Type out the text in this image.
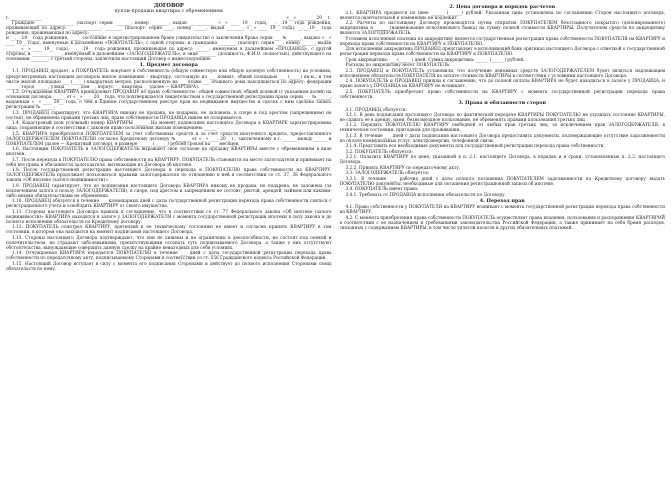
ДОГОВОР
купли-продажи квартиры с обременением
г. ______________	«__» ________ 20__ г.

Граждане _________________ (паспорт серии _______, номер ________, выдан ____________ «__» ____ 19__ года), __.__.19__ года рождения, проживающий по адресу: _______________, ________ (паспорт: серия ____, номер ______, выдан ________ «__» ____ 19__ года), __.__.19__ года рождения, проживающая по адресу: ______

и __.__.19__ года рождения, _____ состоящие в зарегистрированном браке (свидетельство о заключении брака серия ___ № ______, выдано «__» ____ 19__ года), именуемые в дальнейшем «ПОКУПАТЕЛЬ», с одной стороны, и гражданка ________ (паспорт: серия ___, номер ______, выдан ______ «__» ____ 19__ года), __.__.19__ года рождения, проживающая по адресу: ______, именуемая в дальнейшем «ПРОДАВЕЦ», с другой стороны, и ______________, именуемый в дальнейшем «ЗАЛОГОДЕРЖАТЕЛЬ», в лице ________ (должность, Ф.И.О. полностью), действующего на основании ________, с третьей стороны, заключили настоящий Договор о нижеследующем:

1. Предмет договора

1.1. ПРОДАВЕЦ продает, а ПОКУПАТЕЛЬ покупает в собственность (общую совместную или общую долевую собственность) на условиях, предусмотренных настоящим договором жилое помещение - квартиру, состоящую из ___ комнат, общей площадью ___ (_____) кв.м., в том числе жилой площадью ___ (_____) квадратных метров, расположенную на ___ этаже ___ этажного дома находящегося по адресу: федерации ______, город ______, улица ______, дом __, корпус __, квартира __ (далее — КВАРТИРА).

1.2. Отчуждаемая КВАРТИРА принадлежит ПРОДАВЦУ по праву собственности - общей совместной, общей долевой (с указанием долей) на основании договора ______ от «__» ____ 20__ года, что подтверждается свидетельством о государственной регистрации права серии ___ № ______, выданным «__» ____ 20__ года, о чем в Едином государственном реестре прав на недвижимое имущество и сделок с ним сделана запись регистрации № ______.

1.3. ПРОДАВЕЦ гарантирует, что КВАРТИРА никому не продана, не подарена, не заложена, в споре и под арестом (запрещением) не состоит, не обременена правами третьих лиц, право собственности ПРОДАВЦА никем не оспаривается.

1.4. Кадастровый (или условный) номер КВАРТИРЫ ______. На момент подписания настоящего Договора в КВАРТИРЕ зарегистрированы лица, сохраняющие в соответствии с законом право пользования жилым помещением: ______.

1.5. КВАРТИРА приобретается ПОКУПАТЕЛЕМ за счет собственных средств и за счет средств ипотечного кредита, предоставленного ЗАЛОГОДЕРЖАТЕЛЕМ ПОКУПАТЕЛЮ согласно Кредитному договору № ______ от «__» ____ 20__ г., заключенному в г. ______ между ______ и ПОКУПАТЕЛЕМ (далее — Кредитный договор), в размере ______ (______) рублей сроком на ___ месяцев.

1.6. Настоящим ПОКУПАТЕЛЬ и ЗАЛОГОДЕРЖАТЕЛЬ выражают свое согласие на продажу КВАРТИРЫ вместе с обременением в виде ипотеки.

1.7. После перехода к ПОКУПАТЕЛЮ права собственности на КВАРТИРУ, ПОКУПАТЕЛЬ становится на место залогодателя и принимает на себя все права и обязанности залогодателя, вытекающие из Договора об ипотеке.

1.8. После государственной регистрации настоящего Договора и перехода к ПОКУПАТЕЛЮ права собственности на КВАРТИРУ, ЗАЛОГОДЕРЖАТЕЛЬ продолжает пользоваться правами залогодержателя по отношению к ней в соответствии со ст. 37, 38 Федерального закона «Об ипотеке (залоге недвижимости)».

1.9. ПРОДАВЕЦ гарантирует, что до подписания настоящего Договора КВАРТИРА никому не продана, не подарена, не заложена (за исключением залога в пользу ЗАЛОГОДЕРЖАТЕЛЯ), в споре, под арестом и запрещением не состоит, рентой, арендой, наймом или какими-либо иными обязательствами не обременена.

1.10. ПРОДАВЕЦ обязуется в течение ___ календарных дней с даты государственной регистрации перехода права собственности сняться с регистрационного учета и освободить КВАРТИРУ от своего имущества.

1.11. Стороны настоящего Договора пришли к соглашению, что в соответствии со ст. 77 Федерального закона «Об ипотеке (залоге недвижимости)» КВАРТИРА находится в залоге у ЗАЛОГОДЕРЖАТЕЛЯ с момента государственной регистрации ипотеки в силу закона и до полного исполнения обязательств по Кредитному договору.

1.12. ПОКУПАТЕЛЬ осмотрел КВАРТИРУ, претензий к ее техническому состоянию не имеет и согласен принять КВАРТИРУ в том состоянии, в котором она находится на момент подписания настоящего Договора.

1.13. Стороны настоящего Договора подтверждают, что они не лишены и не ограничены в дееспособности, не состоят под опекой и попечительством, не страдают заболеваниями, препятствующими осознать суть подписываемого Договора, а также у них отсутствуют обстоятельства, вынуждающие совершить данную сделку на крайне невыгодных для себя условиях.

1.14. Отчуждаемая КВАРТИРА передается ПОКУПАТЕЛЮ в течение ___ дней с даты государственной регистрации перехода права собственности по передаточному акту, подписываемому Сторонами в соответствии со ст. 556 Гражданского кодекса Российской Федерации.

1.15. Настоящий Договор вступает в силу с момента его подписания Сторонами и действует до полного исполнения Сторонами своих обязательств по нему.

2. Цена договора и порядок расчетов

2.1. КВАРТИРА продается по цене ______ (______) рублей. Указанная цена установлена по соглашению Сторон настоящего договора, является окончательной и изменению не подлежит.

2.2. Расчеты по настоящему Договору производятся путем открытия ПОКУПАТЕЛЕМ безотзывного покрытого (депонированного) аккредитива в ______ (наименование исполняющего банка) на сумму полной стоимости КВАРТИРЫ. Получателем средств по аккредитиву является ЗАЛОГОДЕРЖАТЕЛЬ.

Условием исполнения платежа по аккредитиву является государственная регистрация права собственности ПОКУПАТЕЛЯ на КВАРТИРУ и перехода права собственности на КВАРТИРУ к ПОКУПАТЕЛЮ.

Для исполнения аккредитива ПРОДАВЕЦ представляет в исполняющий банк оригинал настоящего Договора с отметкой о государственной регистрации перехода права собственности на КВАРТИРУ к ПОКУПАТЕЛЮ.

Срок аккредитива: ___ (______) дней. Сумма аккредитива: ______ (______) рублей.

Расходы по аккредитиву несет ПОКУПАТЕЛЬ.

2.3. ПРОДАВЕЦ и ПОКУПАТЕЛЬ установили, что получение денежных средств ЗАЛОГОДЕРЖАТЕЛЕМ будет являться надлежащим исполнением обязательств ПОКУПАТЕЛЯ по оплате стоимости КВАРТИРЫ в соответствии с условиями настоящего Договора.

2.4. ПОКУПАТЕЛЬ и ПРОДАВЕЦ пришли к соглашению, что до полной оплаты КВАРТИРА не будет находиться в залоге у ПРОДАВЦА, и право залога у ПРОДАВЦА на КВАРТИРУ не возникает.

2.5. ПОКУПАТЕЛЬ приобретает право собственности на КВАРТИРУ с момента государственной регистрации перехода права собственности.

3. Права и обязанности сторон

3.1. ПРОДАВЕЦ обязуется:

3.1.1. В день подписания настоящего Договора по фактической передаче КВАРТИРЫ ПОКУПАТЕЛЮ не ухудшать состояние КВАРТИРЫ, не сдавать ее в аренду, наем, безвозмездное пользование, не обременять правами пользования третьих лиц.

3.1.2. Передать ПОКУПАТЕЛЮ КВАРТИРУ свободной от любых прав третьих лиц, за исключением прав ЗАЛОГОДЕРЖАТЕЛЯ, в техническом состоянии, пригодном для проживания.

3.1.3. В течение ___ дней с даты подписания настоящего Договора предоставить документы, подтверждающие отсутствие задолженности по оплате коммунальных услуг, электроэнергии, телефонной связи.

3.1.4. Представить все необходимые документы для государственной регистрации перехода права собственности.

3.2. ПОКУПАТЕЛЬ обязуется:

3.2.1. Оплатить КВАРТИРУ по цене, указанной в п. 2.1. настоящего Договора, в порядке и в сроки, установленные п. 2.2. настоящего Договора.

3.2.2. Принять КВАРТИРУ по передаточному акту.

3.3. ЗАЛОГОДЕРЖАТЕЛЬ обязуется:

3.3.1. В течение ___ рабочих дней с даты полного погашения ПОКУПАТЕЛЕМ задолженности по Кредитному договору выдать ПОКУПАТЕЛЮ документы, необходимые для погашения регистрационной записи об ипотеке.

3.4. ПОКУПАТЕЛЬ имеет право:

3.4.1. Требовать от ПРОДАВЦА исполнения обязательств по Договору.

4. Переход прав

4.1. Право собственности у ПОКУПАТЕЛЯ на КВАРТИРУ возникает с момента государственной регистрации перехода права собственности на КВАРТИРУ.

4.2. С момента приобретения права собственности ПОКУПАТЕЛЬ осуществляет права владения, пользования и распоряжения КВАРТИРОЙ в соответствии с ее назначением и требованиями законодательства Российской Федерации, а также принимает на себя бремя расходов, связанных с содержанием КВАРТИРЫ, в том числе уплатой налогов и других обязательных платежей.
